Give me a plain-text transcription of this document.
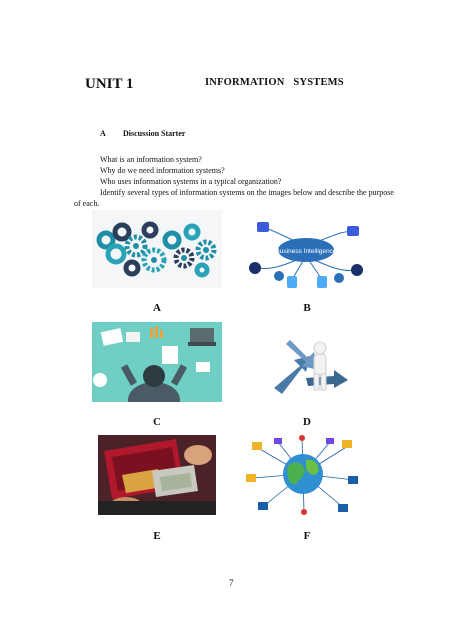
UNIT 1	INFORMATION SYSTEMS
A Discussion Starter
What is an information system?
Why do we need information systems?
Who uses information systems in a typical organization?
Identify several types of information systems on the images below and describe the purpose
of each.
A
Business Intelligence
B
C	D
E	F
7
